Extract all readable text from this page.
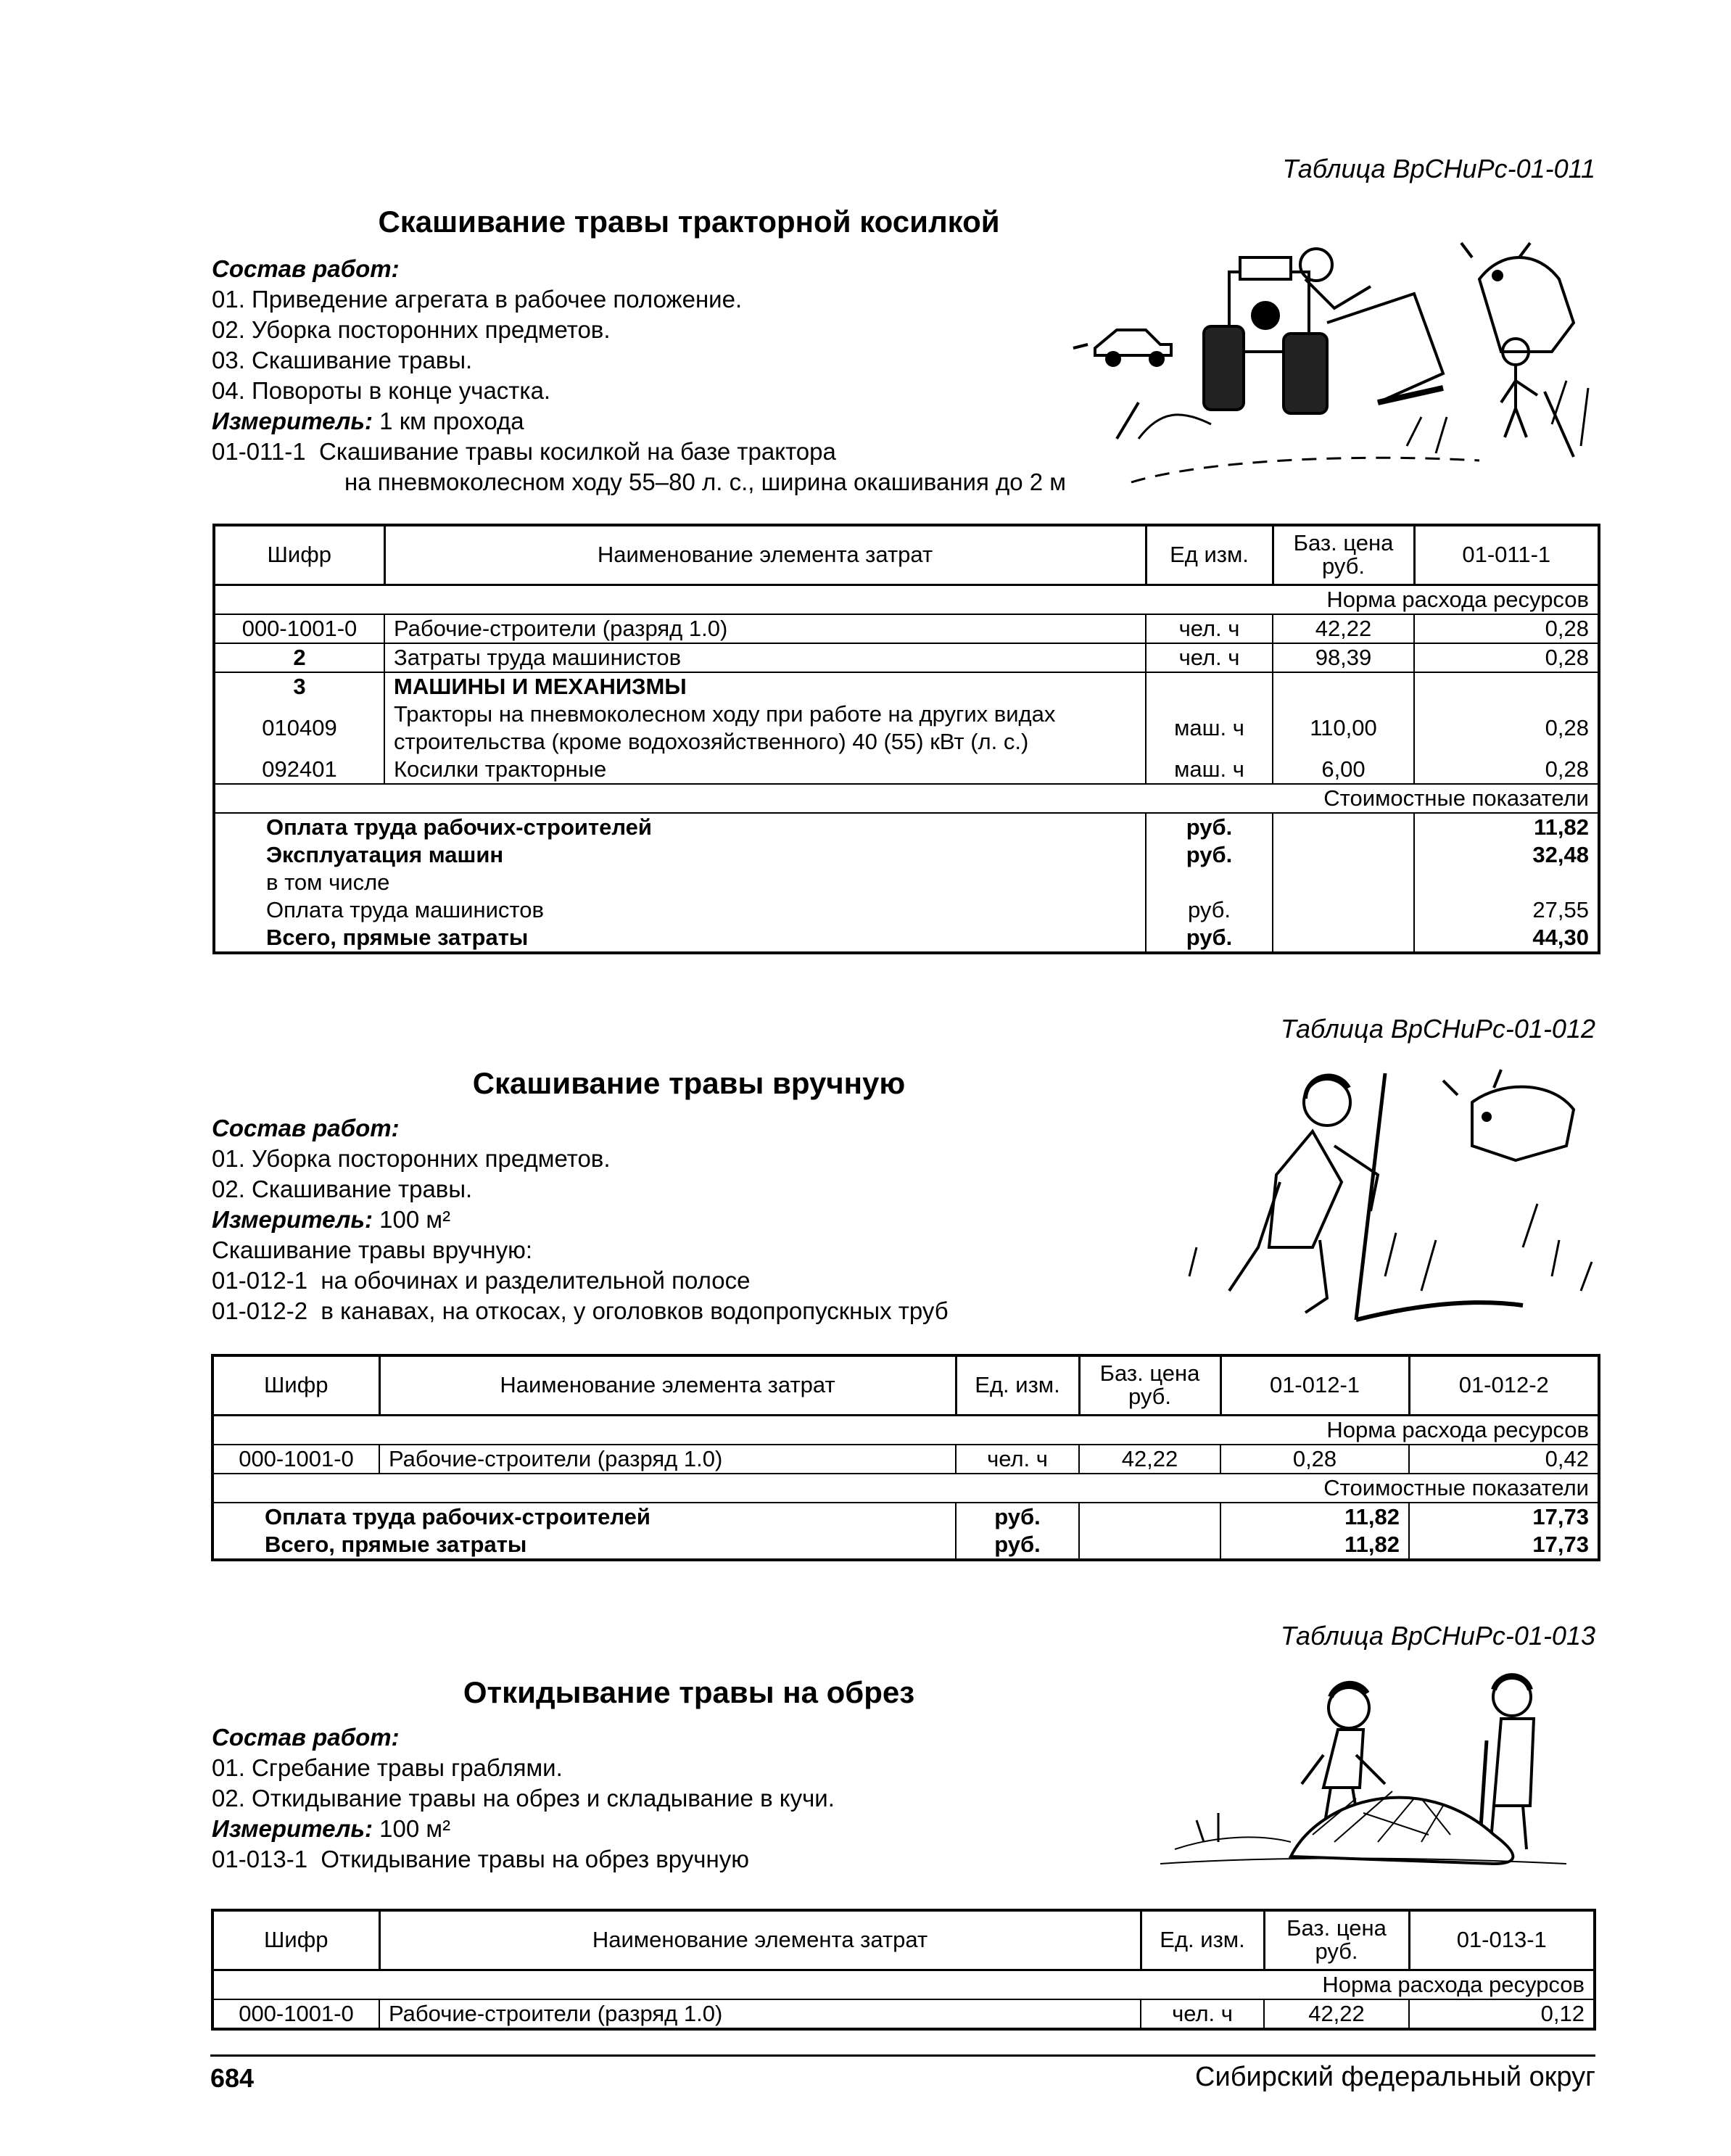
Таблица ВрСНиРс-01-011
Скашивание травы тракторной косилкой
Состав работ:
01. Приведение агрегата в рабочее положение.
02. Уборка посторонних предметов.
03. Скашивание травы.
04. Повороты в конце участка.
Измеритель: 1 км прохода
01-011-1  Скашивание травы косилкой на базе трактора
на пневмоколесном ходу 55–80 л. с., ширина окашивания до 2 м
Шифр	Наименование элемента затрат	Ед изм.	Баз. цена руб.	01-011-1
Норма расхода ресурсов				
000-1001-0	Рабочие-строители (разряд 1.0)	чел. ч	42,22	0,28
2	Затраты труда машинистов	чел. ч	98,39	0,28
3	МАШИНЫ И МЕХАНИЗМЫ			
010409	Тракторы на пневмоколесном ходу при работе на других видах строительства (кроме водохозяйственного) 40 (55) кВт (л. с.)	маш. ч	110,00	0,28
092401	Косилки тракторные	маш. ч	6,00	0,28
Стоимостные показатели				
Оплата труда рабочих-строителей		руб.		11,82
Эксплуатация машин		руб.		32,48
в том числе				
Оплата труда машинистов		руб.		27,55
Всего, прямые затраты		руб.		44,30
Таблица ВрСНиРс-01-012
Скашивание травы вручную
Состав работ:
01. Уборка посторонних предметов.
02. Скашивание травы.
Измеритель: 100 м²
Скашивание травы вручную:
01-012-1  на обочинах и разделительной полосе
01-012-2  в канавах, на откосах, у оголовков водопропускных труб
Шифр	Наименование элемента затрат	Ед. изм.	Баз. цена руб.	01-012-1	01-012-2
Норма расхода ресурсов					
000-1001-0	Рабочие-строители (разряд 1.0)	чел. ч	42,22	0,28	0,42
Стоимостные показатели					
Оплата труда рабочих-строителей		руб.		11,82	17,73
Всего, прямые затраты		руб.		11,82	17,73
Таблица ВрСНиРс-01-013
Откидывание травы на обрез
Состав работ:
01. Сгребание травы граблями.
02. Откидывание травы на обрез и складывание в кучи.
Измеритель: 100 м²
01-013-1  Откидывание травы на обрез вручную
Шифр	Наименование элемента затрат	Ед. изм.	Баз. цена руб.	01-013-1
Норма расхода ресурсов				
000-1001-0	Рабочие-строители (разряд 1.0)	чел. ч	42,22	0,12
684	Сибирский федеральный округ
